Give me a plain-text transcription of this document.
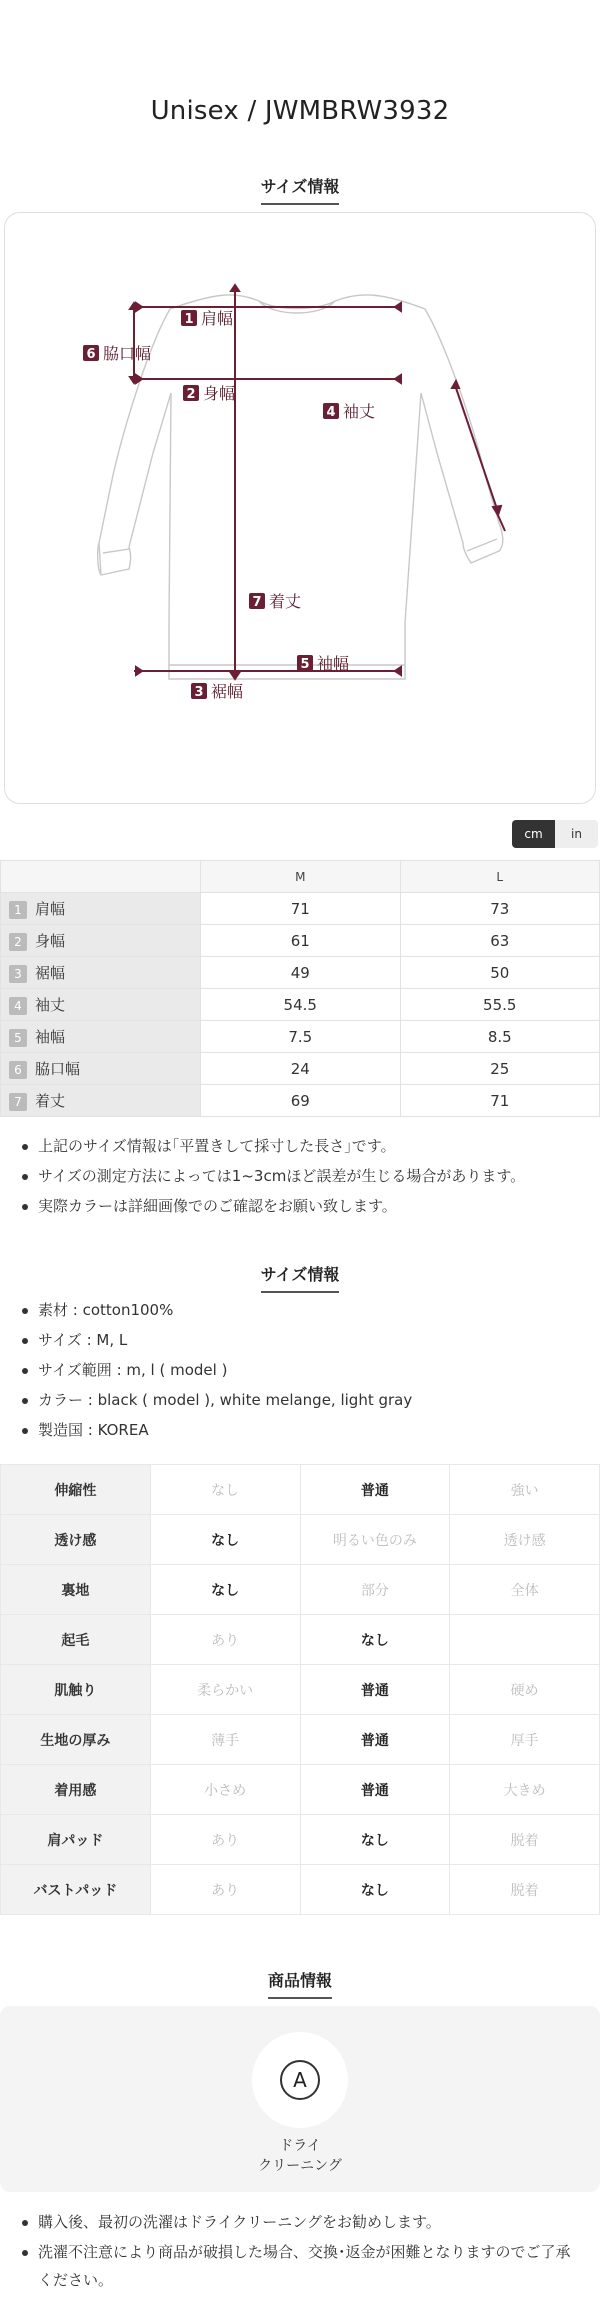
Unisex / JWMBRW3932
サイズ情報
1 肩幅
2 身幅
3 裾幅
4 袖丈
5 袖幅
6 脇口幅
7 着丈
cm	in
	M	L
1 肩幅	71	73
2 身幅	61	63
3 裾幅	49	50
4 袖丈	54.5	55.5
5 袖幅	7.5	8.5
6 脇口幅	24	25
7 着丈	69	71
上記のサイズ情報は｢平置きして採寸した長さ｣です。
サイズの測定方法によっては1~3cmほど誤差が生じる場合があります。
実際カラーは詳細画像でのご確認をお願い致します。
サイズ情報
素材 : cotton100%
サイズ : M, L
サイズ範囲 : m, l ( model )
カラー : black ( model ), white melange, light gray
製造国 : KOREA
伸縮性	なし	普通	強い
透け感	なし	明るい色のみ	透け感
裏地	なし	部分	全体
起毛	あり	なし	
肌触り	柔らかい	普通	硬め
生地の厚み	薄手	普通	厚手
着用感	小さめ	普通	大きめ
肩パッド	あり	なし	脱着
バストパッド	あり	なし	脱着
商品情報
A
ドライ
クリーニング
購入後、最初の洗濯はドライクリーニングをお勧めします。
洗濯不注意により商品が破損した場合、交換･返金が困難となりますのでご了承ください。
